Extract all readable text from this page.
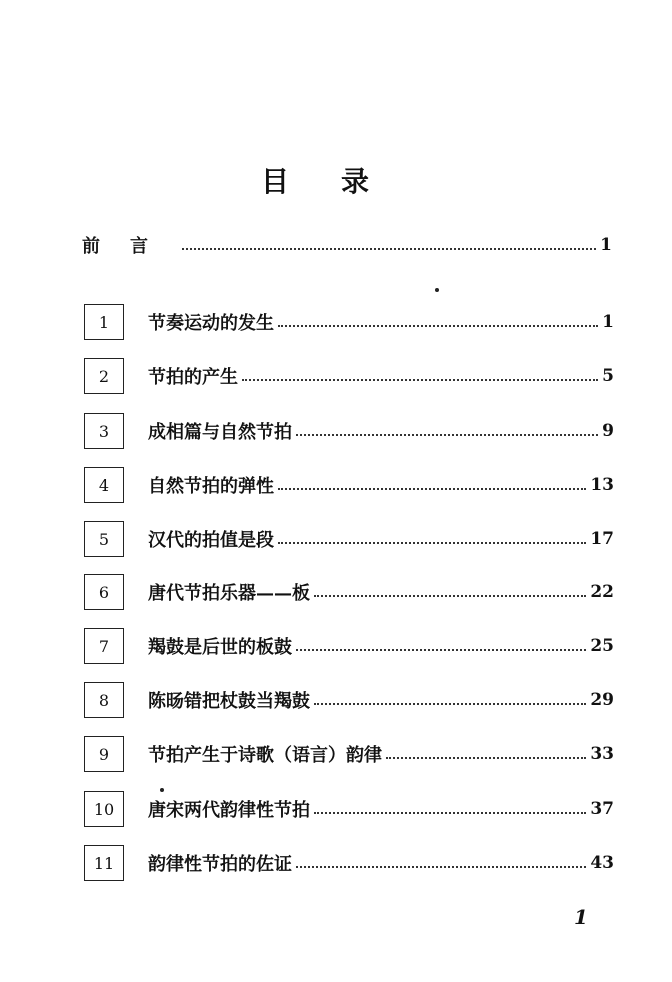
目录
前言	1
1	节奏运动的发生	1
2	节拍的产生	5
3	成相篇与自然节拍	9
4	自然节拍的弹性	13
5	汉代的拍值是段	17
6	唐代节拍乐器——板	22
7	羯鼓是后世的板鼓	25
8	陈旸错把杖鼓当羯鼓	29
9	节拍产生于诗歌（语言）韵律	33
10	唐宋两代韵律性节拍	37
11	韵律性节拍的佐证	43
1
